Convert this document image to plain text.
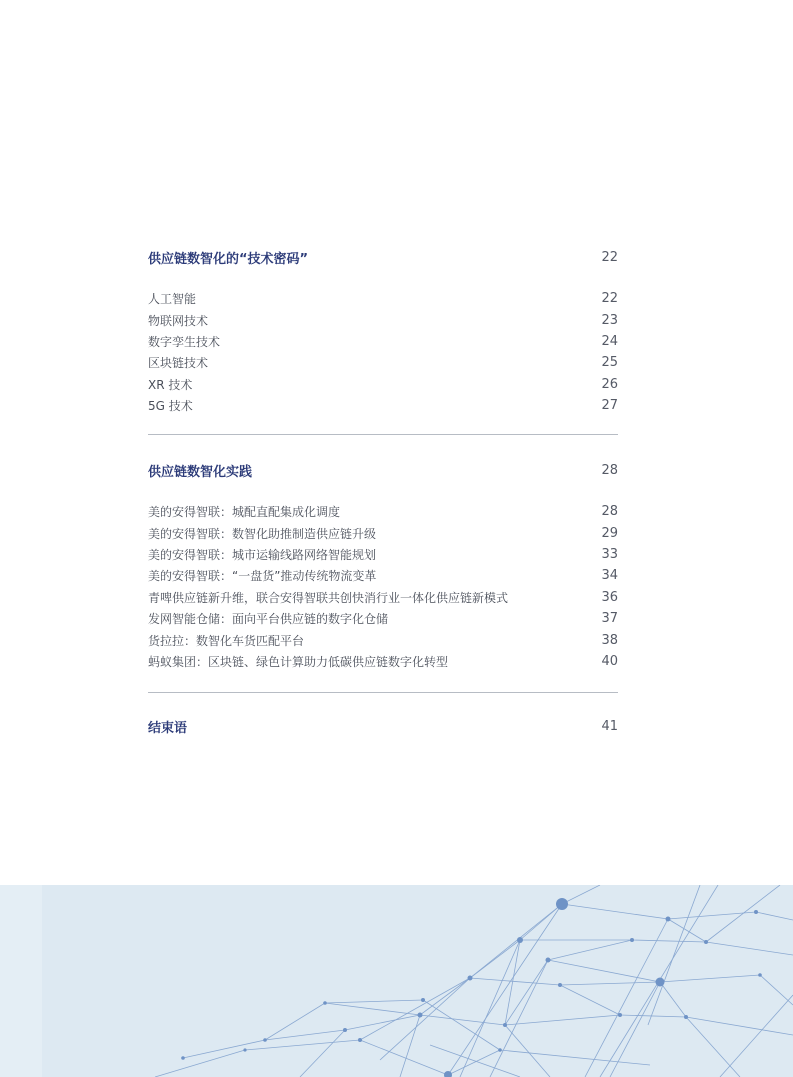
供应链数智化的“技术密码”	22
人工智能	22
物联网技术	23
数字孪生技术	24
区块链技术	25
XR 技术	26
5G 技术	27
供应链数智化实践	28
美的安得智联：城配直配集成化调度	28
美的安得智联：数智化助推制造供应链升级	29
美的安得智联：城市运输线路网络智能规划	33
美的安得智联：“一盘货”推动传统物流变革	34
青啤供应链新升维，联合安得智联共创快消行业一体化供应链新模式	36
发网智能仓储：面向平台供应链的数字化仓储	37
货拉拉：数智化车货匹配平台	38
蚂蚁集团：区块链、绿色计算助力低碳供应链数字化转型	40
结束语	41
